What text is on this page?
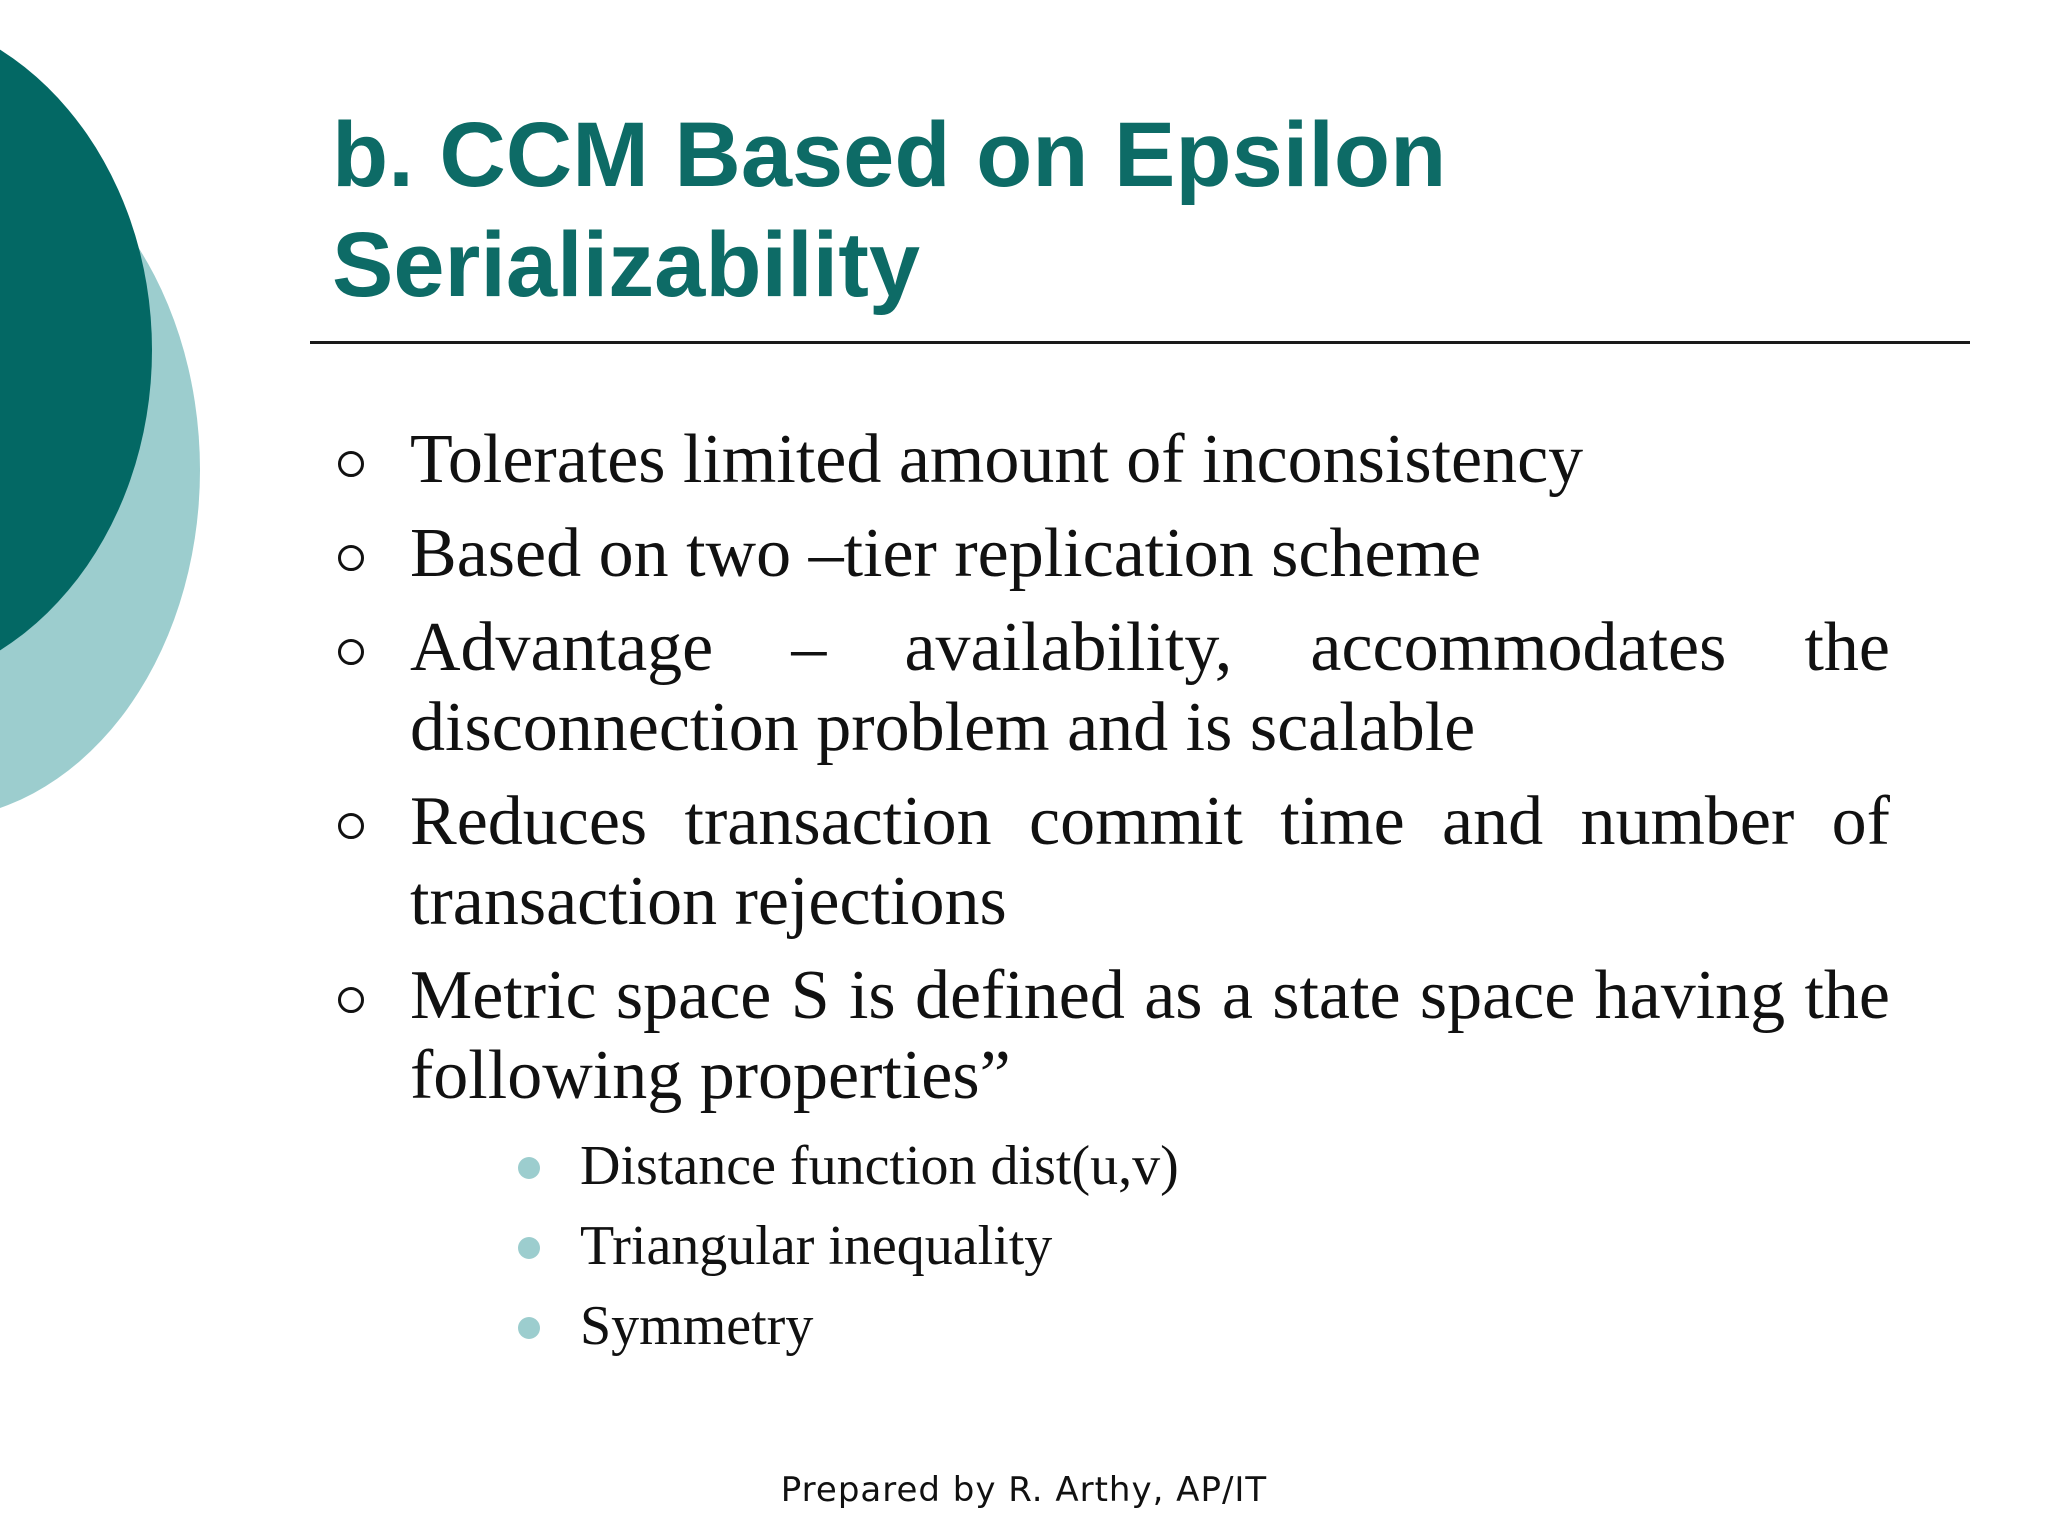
b. CCM Based on Epsilon
Serializability
Tolerates limited amount of inconsistency
Based on two –tier replication scheme
Advantage – availability, accommodates the disconnection problem and is scalable
Reduces transaction commit time and number of transaction rejections
Metric space S is defined as a state space having the following properties”
Distance function dist(u,v)
Triangular inequality
Symmetry
Prepared by R. Arthy, AP/IT
